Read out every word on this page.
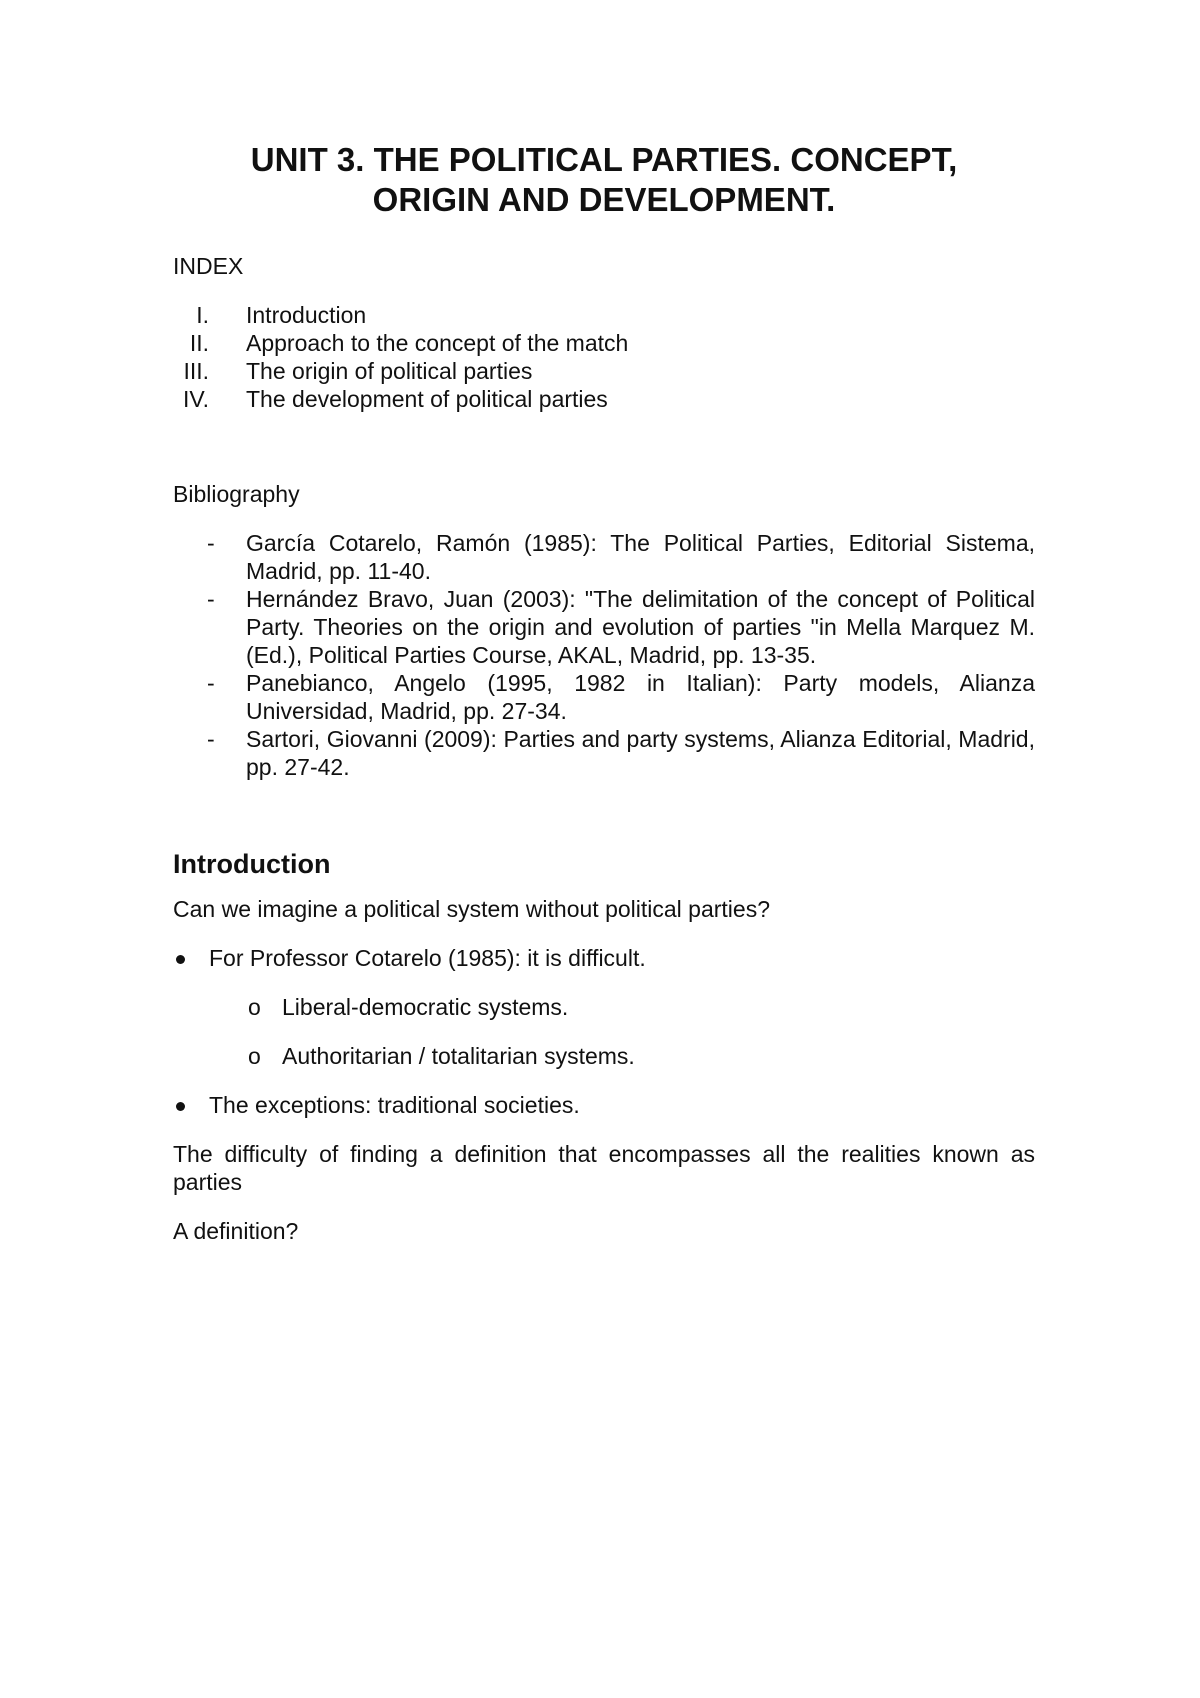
UNIT 3. THE POLITICAL PARTIES. CONCEPT,
ORIGIN AND DEVELOPMENT.
INDEX
I. Introduction
II. Approach to the concept of the match
III. The origin of political parties
IV. The development of political parties
Bibliography
- García Cotarelo, Ramón (1985): The Political Parties, Editorial Sistema, Madrid, pp. 11-40.
- Hernández Bravo, Juan (2003): "The delimitation of the concept of Political Party. Theories on the origin and evolution of parties "in Mella Marquez M. (Ed.), Political Parties Course, AKAL, Madrid, pp. 13-35.
- Panebianco, Angelo (1995, 1982 in Italian): Party models, Alianza Universidad, Madrid, pp. 27-34.
- Sartori, Giovanni (2009): Parties and party systems, Alianza Editorial, Madrid, pp. 27-42.
Introduction

Can we imagine a political system without political parties?

For Professor Cotarelo (1985): it is difficult.
o Liberal-democratic systems.
o Authoritarian / totalitarian systems.
The exceptions: traditional societies.

The difficulty of finding a definition that encompasses all the realities known as parties

A definition?
